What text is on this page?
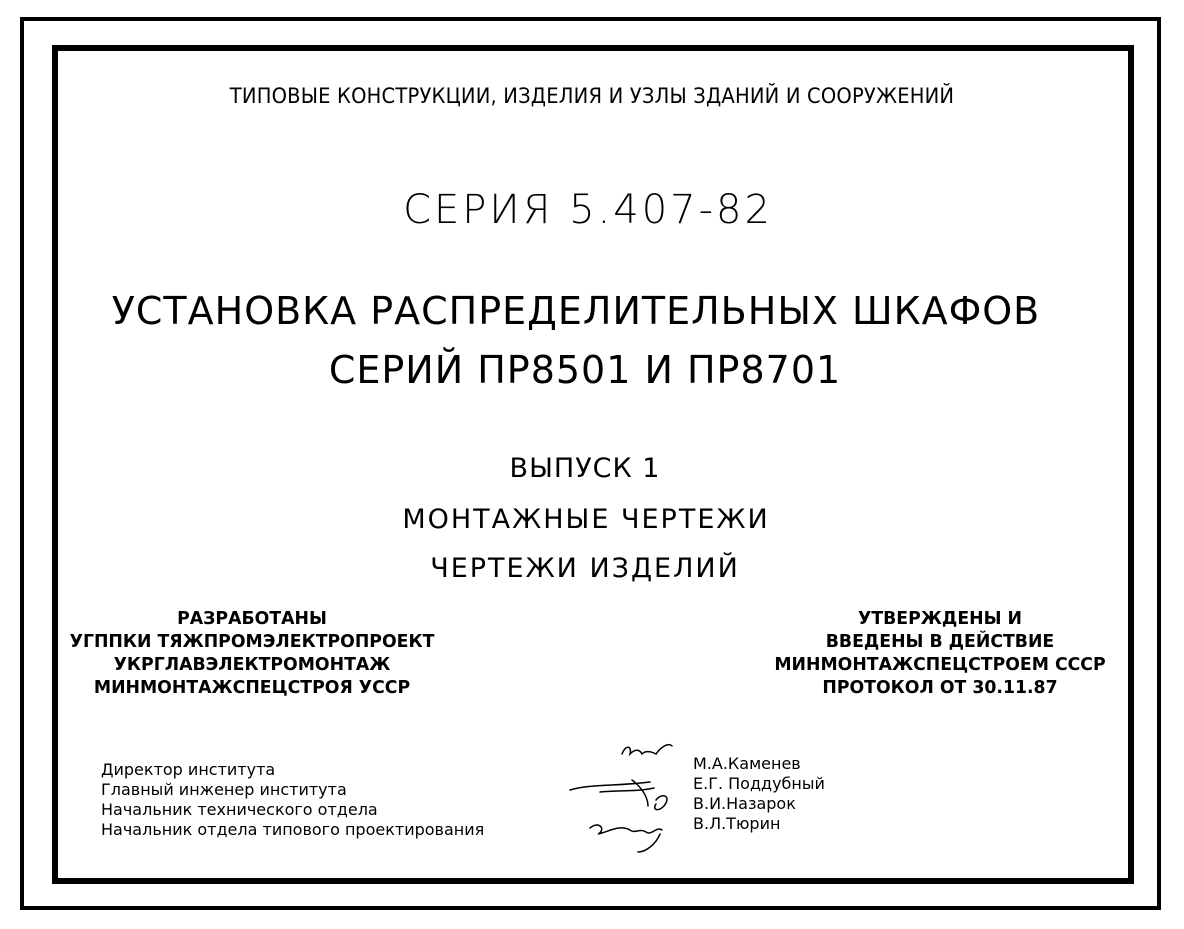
ТИПОВЫЕ КОНСТРУКЦИИ, ИЗДЕЛИЯ И УЗЛЫ ЗДАНИЙ И СООРУЖЕНИЙ
СЕРИЯ 5.407-82
УСТАНОВКА РАСПРЕДЕЛИТЕЛЬНЫХ ШКАФОВ
СЕРИЙ ПР8501 И ПР8701
ВЫПУСК 1
МОНТАЖНЫЕ ЧЕРТЕЖИ
ЧЕРТЕЖИ ИЗДЕЛИЙ
РАЗРАБОТАНЫ
УГППКИ ТЯЖПРОМЭЛЕКТРОПРОЕКТ
УКРГЛАВЭЛЕКТРОМОНТАЖ
МИНМОНТАЖСПЕЦСТРОЯ УССР
УТВЕРЖДЕНЫ И
ВВЕДЕНЫ В ДЕЙСТВИЕ
МИНМОНТАЖСПЕЦСТРОЕМ СССР
ПРОТОКОЛ ОТ 30.11.87
Директор института
Главный инженер института
Начальник технического отдела
Начальник отдела типового проектирования
М.А.Каменев
Е.Г. Поддубный
В.И.Назарок
В.Л.Тюрин
